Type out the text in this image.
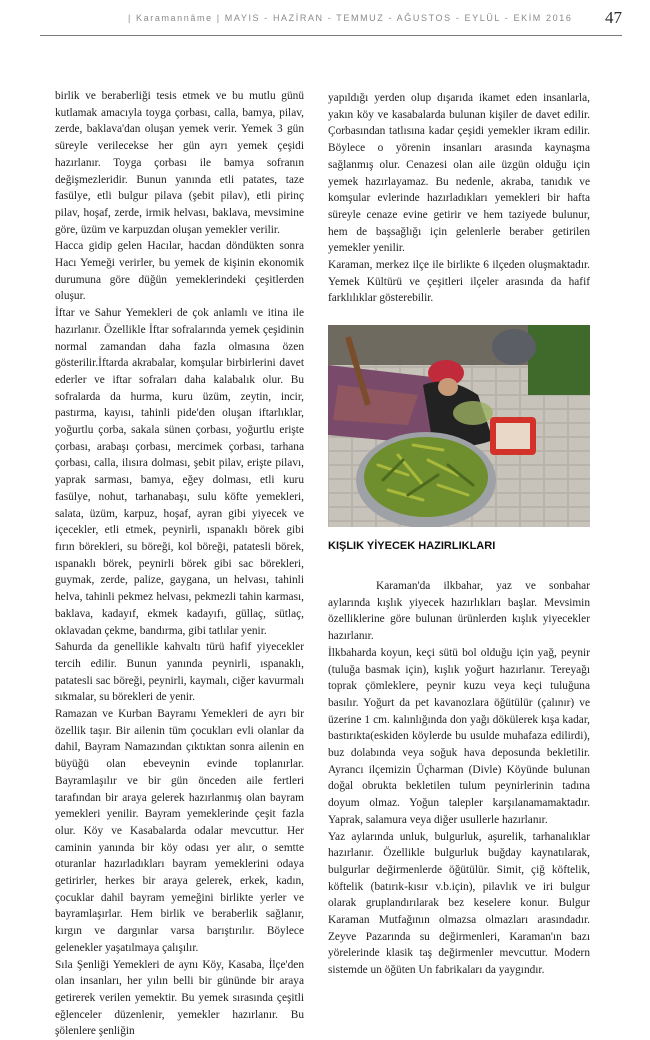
| Karamannâme | MAYIS - HAZİRAN - TEMMUZ - AĞUSTOS - EYLÜL - EKİM 2016 47

birlik ve beraberliği tesis etmek ve bu mutlu günü kutlamak amacıyla toyga çorbası, calla, bamya, pilav, zerde, baklava'dan oluşan yemek verir. Yemek 3 gün süreyle verilecekse her gün ayrı yemek çeşidi hazırlanır. Toyga çorbası ile bamya sofranın değişmezleridir. Bunun yanında etli patates, taze fasülye, etli bulgur pilava (şebit pilav), etli pirinç pilav, hoşaf, zerde, irmik helvası, baklava, mevsimine göre, üzüm ve karpuzdan oluşan yemekler verilir.

Hacca gidip gelen Hacılar, hacdan döndükten sonra Hacı Yemeği verirler, bu yemek de kişinin ekonomik durumuna göre düğün yemeklerindeki çeşitlerden oluşur.

İftar ve Sahur Yemekleri de çok anlamlı ve itina ile hazırlanır. Özellikle İftar sofralarında yemek çeşidinin normal zamandan daha fazla olmasına özen gösterilir.İftarda akrabalar, komşular birbirlerini davet ederler ve iftar sofraları daha kalabalık olur. Bu sofralarda da hurma, kuru üzüm, zeytin, incir, pastırma, kayısı, tahinli pide'den oluşan iftarlıklar, yoğurtlu çorba, sakala sünen çorbası, yoğurtlu erişte çorbası, arabaşı çorbası, mercimek çorbası, tarhana çorbası, calla, ilısıra dolması, şebit pilav, erişte pilavı, yaprak sarması, bamya, eğey dolması, etli kuru fasülye, nohut, tarhanabaşı, sulu köfte yemekleri, salata, üzüm, karpuz, hoşaf, ayran gibi yiyecek ve içecekler, etli etmek, peynirli, ıspanaklı börek gibi fırın börekleri, su böreği, kol böreği, patatesli börek, ıspanaklı börek, peynirli börek gibi sac börekleri, guymak, zerde, palize, gaygana, un helvası, tahinli helva, tahinli pekmez helvası, pekmezli tahin karması, baklava, kadayıf, ekmek kadayıfı, güllaç, sütlaç, oklavadan çekme, bandırma, gibi tatlılar yenir.

Sahurda da genellikle kahvaltı türü hafif yiyecekler tercih edilir. Bunun yanında peynirli, ıspanaklı, patatesli sac böreği, peynirli, kaymalı, ciğer kavurmalı sıkmalar, su börekleri de yenir.

Ramazan ve Kurban Bayramı Yemekleri de ayrı bir özellik taşır. Bir ailenin tüm çocukları evli olanlar da dahil, Bayram Namazından çıktıktan sonra ailenin en büyüğü olan ebeveynin evinde toplanırlar. Bayramlaşılır ve bir gün önceden aile fertleri tarafından bir araya gelerek hazırlanmış olan bayram yemekleri yenilir. Bayram yemeklerinde çeşit fazla olur. Köy ve Kasabalarda odalar mevcuttur. Her caminin yanında bir köy odası yer alır, o semtte oturanlar hazırladıkları bayram yemeklerini odaya getirirler, herkes bir araya gelerek, erkek, kadın, çocuklar dahil bayram yemeğini birlikte yerler ve bayramlaşırlar. Hem birlik ve beraberlik sağlanır, kırgın ve dargınlar varsa barıştırılır. Böylece gelenekler yaşatılmaya çalışılır.

Sıla Şenliği Yemekleri de aynı Köy, Kasaba, İlçe'den olan insanları, her yılın belli bir gününde bir araya getirerek verilen yemektir. Bu yemek sırasında çeşitli eğlenceler düzenlenir, yemekler hazırlanır. Bu şölenlere şenliğin

yapıldığı yerden olup dışarıda ikamet eden insanlarla, yakın köy ve kasabalarda bulunan kişiler de davet edilir. Çorbasından tatlısına kadar çeşidi yemekler ikram edilir. Böylece o yörenin insanları arasında kaynaşma sağlanmış olur. Cenazesi olan aile üzgün olduğu için yemek hazırlayamaz. Bu nedenle, akraba, tanıdık ve komşular evlerinde hazırladıkları yemekleri bir hafta süreyle cenaze evine getirir ve hem taziyede bulunur, hem de başsağlığı için gelenlerle beraber getirilen yemekler yenilir.

Karaman, merkez ilçe ile birlikte 6 ilçeden oluşmaktadır. Yemek Kültürü ve çeşitleri ilçeler arasında da hafif farklılıklar gösterebilir.

KIŞLIK YİYECEK HAZIRLIKLARI

Karaman'da ilkbahar, yaz ve sonbahar aylarında kışlık yiyecek hazırlıkları başlar. Mevsimin özelliklerine göre bulunan ürünlerden kışlık yiyecekler hazırlanır.

İlkbaharda koyun, keçi sütü bol olduğu için yağ, peynir (tuluğa basmak için), kışlık yoğurt hazırlanır. Tereyağı toprak çömleklere, peynir kuzu veya keçi tuluğuna basılır. Yoğurt da pet kavanozlara öğütülür (çalınır) ve üzerine 1 cm. kalınlığında don yağı dökülerek kışa kadar, bastırıkta(eskiden köylerde bu usulde muhafaza edilirdi), buz dolabında veya soğuk hava deposunda bekletilir. Ayrancı ilçemizin Üçharman (Divle) Köyünde bulunan doğal obrukta bekletilen tulum peynirlerinin tadına doyum olmaz. Yoğun talepler karşılanamamaktadır. Yaprak, salamura veya diğer usullerle hazırlanır.

Yaz aylarında unluk, bulgurluk, aşurelik, tarhanalıklar hazırlanır. Özellikle bulgurluk buğday kaynatılarak, bulgurlar değirmenlerde öğütülür. Simit, çiğ köftelik, köftelik (batırık-kısır v.b.için), pilavlık ve iri bulgur olarak gruplandırılarak bez keselere konur. Bulgur Karaman Mutfağının olmazsa olmazları arasındadır. Zeyve Pazarında su değirmenleri, Karaman'ın bazı yörelerinde klasik taş değirmenler mevcuttur. Modern sistemde un öğüten Un fabrikaları da yaygındır.
